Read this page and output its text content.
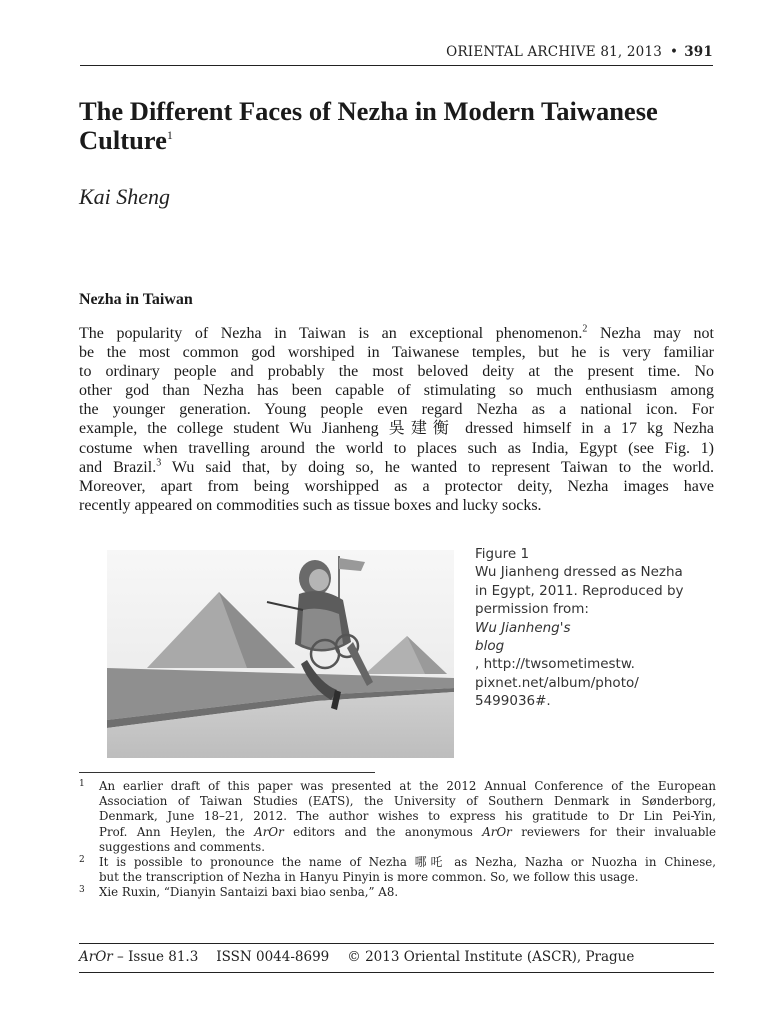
ORIENTAL ARCHIVE 81, 2013 • 391
The Different Faces of Nezha in Modern Taiwanese Culture$^1$
Kai Sheng
Nezha in Taiwan
The popularity of Nezha in Taiwan is an exceptional phenomenon.$^2$ Nezha may not
be the most common god worshiped in Taiwanese temples, but he is very familiar
to ordinary people and probably the most beloved deity at the present time. No
other god than Nezha has been capable of stimulating so much enthusiasm among
the younger generation. Young people even regard Nezha as a national icon. For
example, the college student Wu Jianheng 吳建衡 dressed himself in a 17 kg Nezha
costume when travelling around the world to places such as India, Egypt (see Fig. 1)
and Brazil.$^3$ Wu said that, by doing so, he wanted to represent Taiwan to the world.
Moreover, apart from being worshipped as a protector deity, Nezha images have
recently appeared on commodities such as tissue boxes and lucky socks.
Figure 1
Wu Jianheng dressed as Nezha
in Egypt, 2011. Reproduced by
permission from:
Wu Jianheng's
blog
, http://twsometimestw.
pixnet.net/album/photo/
5499036#.
1 An earlier draft of this paper was presented at the 2012 Annual Conference of the European
Association of Taiwan Studies (EATS), the University of Southern Denmark in Sønderborg,
Denmark, June 18–21, 2012. The author wishes to express his gratitude to Dr Lin Pei-Yin,
Prof. Ann Heylen, the ArOr editors and the anonymous ArOr reviewers for their invaluable
suggestions and comments.
2 It is possible to pronounce the name of Nezha 哪吒 as Nezha, Nazha or Nuozha in Chinese,
but the transcription of Nezha in Hanyu Pinyin is more common. So, we follow this usage.
3 Xie Ruxin, “Dianyin Santaizi baxi biao senba,” A8.
ArOr – Issue 81.3 ISSN 0044-8699 © 2013 Oriental Institute (ASCR), Prague
